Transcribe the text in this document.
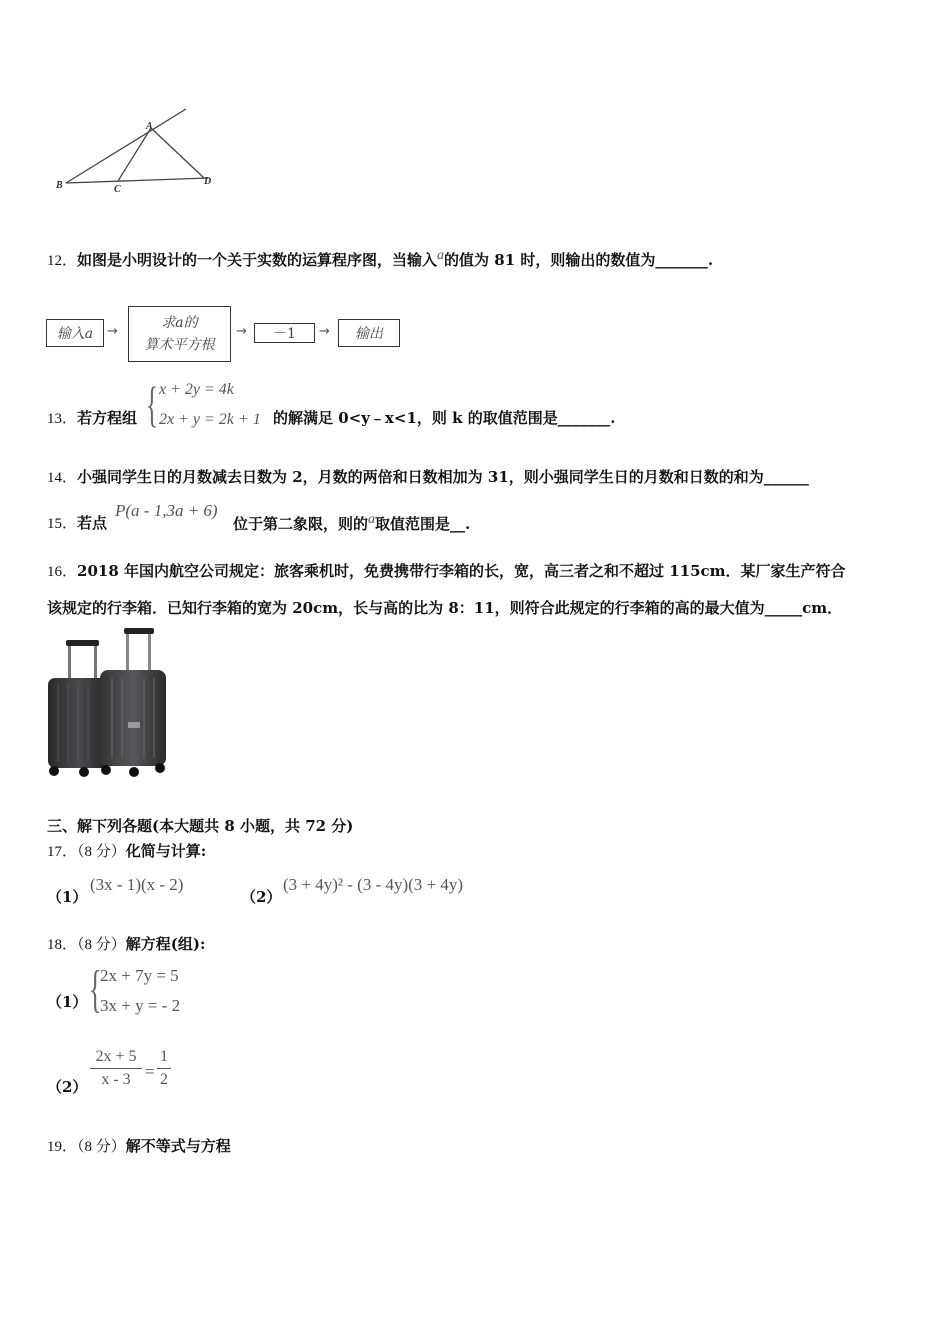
A
B	C
D
12．如图是小明设计的一个关于实数的运算程序图，当输入$^a$的值为 81 时，则输出的数值为_______.
输入a →
求a的
算术平方根
→ －1 → 输出
13．若方程组 { x + 2y = 4k
2x + y = 2k + 1 的解满足 0<y﹣x<1，则 k 的取值范围是_______.
14．小强同学生日的月数减去日数为 2，月数的两倍和日数相加为 31，则小强同学生日的月数和日数的和为______
15．若点
P(a - 1,3a + 6)
位于第二象限，则的$^a$取值范围是__.
16．2018 年国内航空公司规定：旅客乘机时，免费携带行李箱的长，宽，高三者之和不超过 115cm．某厂家生产符合
该规定的行李箱．已知行李箱的宽为 20cm，长与高的比为 8：11，则符合此规定的行李箱的高的最大值为_____cm．
三、解下列各题(本大题共 8 小题，共 72 分)
17．（8 分）化简与计算:
（1）
(3x - 1)(x - 2)
（2）
(3 + 4y)² - (3 - 4y)(3 + 4y)
18．（8 分）解方程(组):
（1） {
2x + 7y = 5
3x + y = - 2
（2）
2x + 5
x - 3 =
1
2
19．（8 分）解不等式与方程
